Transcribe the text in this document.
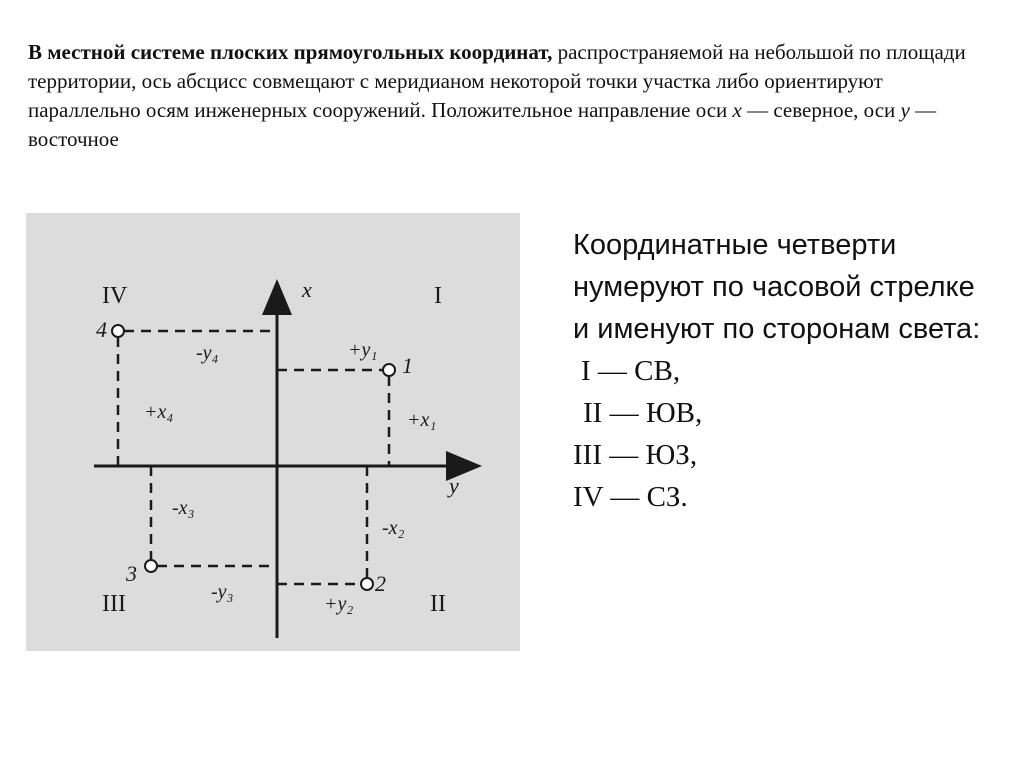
В местной системе плоских прямоугольных координат, распространяемой на небольшой по площади территории, ось абсцисс совмещают с меридианом некоторой точки участка либо ориентируют параллельно осям инженерных сооружений. Положительное направление оси x — северное, оси y — восточное

x
y
IV	I
III	II
4
1
3	2
-y₄
+x₄
+y₁
+x₁
-x₃
-y₃
-x₂
+y₂

Координатные четверти нумеруют по часовой стрелке и именуют по сторонам света:

I — СВ,
II — ЮВ,
III — ЮЗ,
IV — СЗ.
